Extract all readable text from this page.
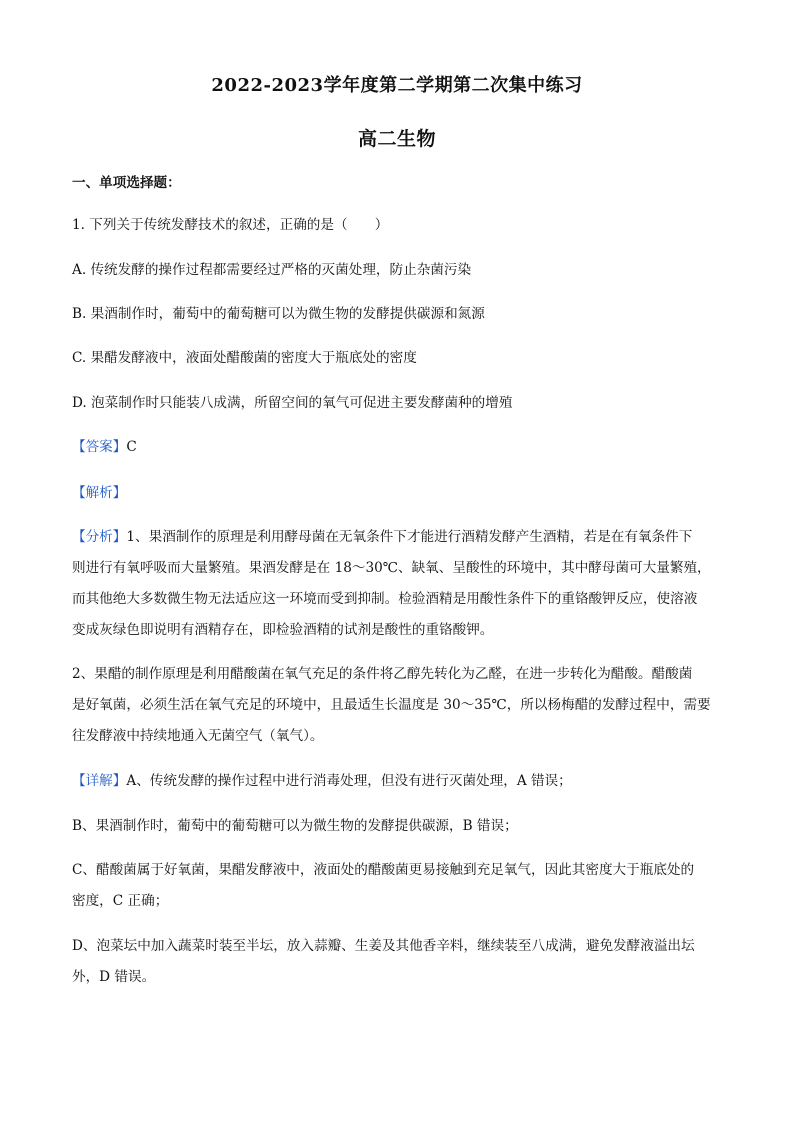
2022-2023学年度第二学期第二次集中练习
高二生物
一、单项选择题：
1. 下列关于传统发酵技术的叙述，正确的是（　　）
A. 传统发酵的操作过程都需要经过严格的灭菌处理，防止杂菌污染
B. 果酒制作时，葡萄中的葡萄糖可以为微生物的发酵提供碳源和氮源
C. 果醋发酵液中，液面处醋酸菌的密度大于瓶底处的密度
D. 泡菜制作时只能装八成满，所留空间的氧气可促进主要发酵菌种的增殖
【答案】C
【解析】
【分析】1、果酒制作的原理是利用酵母菌在无氧条件下才能进行酒精发酵产生酒精，若是在有氧条件下
则进行有氧呼吸而大量繁殖。果酒发酵是在 18～30℃、缺氧、呈酸性的环境中，其中酵母菌可大量繁殖，
而其他绝大多数微生物无法适应这一环境而受到抑制。检验酒精是用酸性条件下的重铬酸钾反应，使溶液
变成灰绿色即说明有酒精存在，即检验酒精的试剂是酸性的重铬酸钾。
2、果醋的制作原理是利用醋酸菌在氧气充足的条件将乙醇先转化为乙醛，在进一步转化为醋酸。醋酸菌
是好氧菌，必须生活在氧气充足的环境中，且最适生长温度是 30～35℃，所以杨梅醋的发酵过程中，需要
往发酵液中持续地通入无菌空气（氧气）。
【详解】A、传统发酵的操作过程中进行消毒处理，但没有进行灭菌处理，A 错误；
B、果酒制作时，葡萄中的葡萄糖可以为微生物的发酵提供碳源，B 错误；
C、醋酸菌属于好氧菌，果醋发酵液中，液面处的醋酸菌更易接触到充足氧气，因此其密度大于瓶底处的
密度，C 正确；
D、泡菜坛中加入蔬菜时装至半坛，放入蒜瓣、生姜及其他香辛料，继续装至八成满，避免发酵液溢出坛
外，D 错误。
